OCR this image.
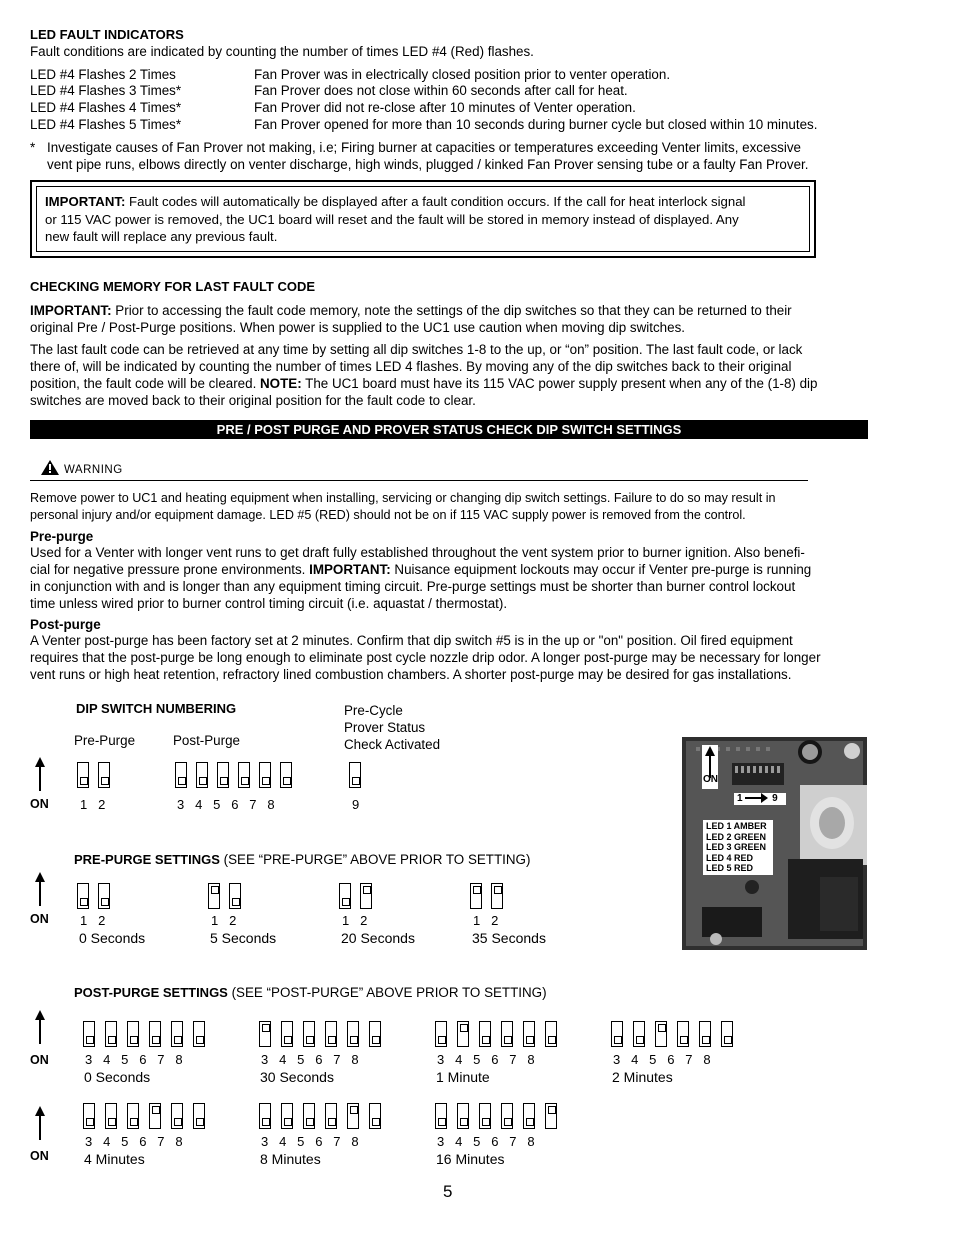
LED FAULT INDICATORS
Fault conditions are indicated by counting the number of times LED #4 (Red) flashes.
LED #4 Flashes 2 Times	Fan Prover was in electrically closed position prior to venter operation.
LED #4 Flashes 3 Times*	Fan Prover does not close within 60 seconds after call for heat.
LED #4 Flashes 4 Times*	Fan Prover did not re-close after 10 minutes of Venter operation.
LED #4 Flashes 5 Times*	Fan Prover opened for more than 10 seconds during burner cycle but closed within 10 minutes.
* Investigate causes of Fan Prover not making, i.e; Firing burner at capacities or temperatures exceeding Venter limits, excessive
vent pipe runs, elbows directly on venter discharge, high winds, plugged / kinked Fan Prover sensing tube or a faulty Fan Prover.
IMPORTANT: Fault codes will automatically be displayed after a fault condition occurs. If the call for heat interlock signal
or 115 VAC power is removed, the UC1 board will reset and the fault will be stored in memory instead of displayed. Any
new fault will replace any previous fault.
CHECKING MEMORY FOR LAST FAULT CODE
IMPORTANT: Prior to accessing the fault code memory, note the settings of the dip switches so that they can be returned to their
original Pre / Post-Purge positions. When power is supplied to the UC1 use caution when moving dip switches.
The last fault code can be retrieved at any time by setting all dip switches 1-8 to the up, or “on” position. The last fault code, or lack
there of, will be indicated by counting the number of times LED 4 flashes. By moving any of the dip switches back to their original
position, the fault code will be cleared. NOTE: The UC1 board must have its 115 VAC power supply present when any of the (1-8) dip
switches are moved back to their original position for the fault code to clear.
PRE / POST PURGE AND PROVER STATUS CHECK DIP SWITCH SETTINGS
WARNING
Remove power to UC1 and heating equipment when installing, servicing or changing dip switch settings. Failure to do so may result in
personal injury and/or equipment damage. LED #5 (RED) should not be on if 115 VAC supply power is removed from the control.
Pre-purge
Used for a Venter with longer vent runs to get draft fully established throughout the vent system prior to burner ignition. Also benefi-
cial for negative pressure prone environments. IMPORTANT: Nuisance equipment lockouts may occur if Venter pre-purge is running
in conjunction with and is longer than any equipment timing circuit. Pre-purge settings must be shorter than burner control lockout
time unless wired prior to burner control timing circuit (i.e. aquastat / thermostat).
Post-purge
A Venter post-purge has been factory set at 2 minutes. Confirm that dip switch #5 is in the up or "on" position. Oil fired equipment
requires that the post-purge be long enough to eliminate post cycle nozzle drip odor. A longer post-purge may be necessary for longer
vent runs or high heat retention, refractory lined combustion chambers. A shorter post-purge may be desired for gas installations.
DIP SWITCH NUMBERING
Pre-Purge	Post-Purge
Pre-Cycle
Prover Status
Check Activated
ON 1   2	3   4   5   6   7   8	9
PRE-PURGE SETTINGS (SEE “PRE-PURGE” ABOVE PRIOR TO SETTING)
ON 1   2	1   2	1   2	1   2
0 Seconds	5 Seconds	20 Seconds	35 Seconds
ON
1	9
LED 1 AMBER
LED 2 GREEN
LED 3 GREEN
LED 4 RED
LED 5 RED
POST-PURGE SETTINGS (SEE “POST-PURGE” ABOVE PRIOR TO SETTING)
ON
ON
3   4   5   6   7   8	3   4   5   6   7   8	3   4   5   6   7   8	3   4   5   6   7   8
0 Seconds	30 Seconds	1 Minute	2 Minutes
3   4   5   6   7   8	3   4   5   6   7   8	3   4   5   6   7   8
4 Minutes	8 Minutes	16 Minutes
5
